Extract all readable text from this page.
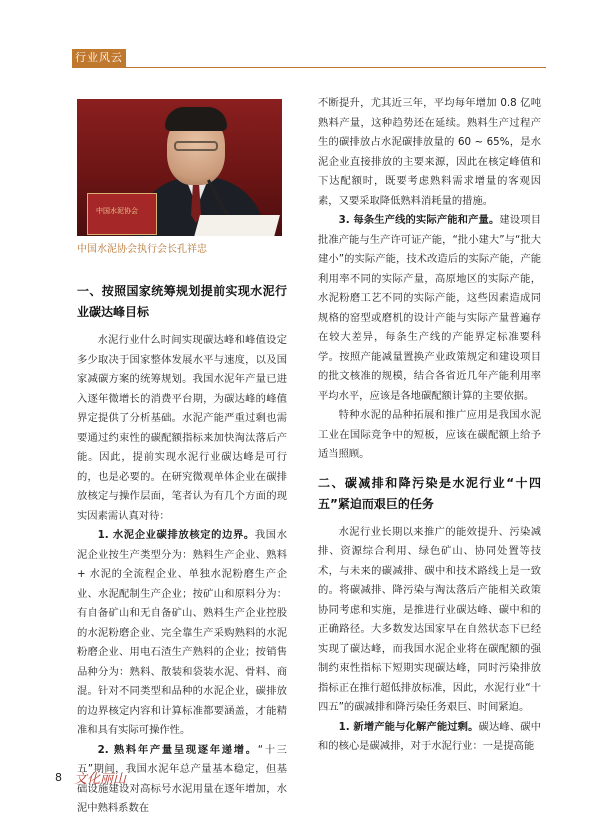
行业风云
中国水泥协会
中国水泥协会执行会长孔祥忠
一、按照国家统筹规划提前实现水泥行业碳达峰目标

水泥行业什么时间实现碳达峰和峰值设定多少取决于国家整体发展水平与速度，以及国家减碳方案的统筹规划。我国水泥年产量已进入逐年微增长的消费平台期，为碳达峰的峰值界定提供了分析基础。水泥产能严重过剩也需要通过约束性的碳配额指标来加快淘汰落后产能。因此，提前实现水泥行业碳达峰是可行的，也是必要的。在研究微观单体企业在碳排放核定与操作层面，笔者认为有几个方面的现实因素需认真对待：

1. 水泥企业碳排放核定的边界。我国水泥企业按生产类型分为：熟料生产企业、熟料 + 水泥的全流程企业、单独水泥粉磨生产企业、水泥配制生产企业；按矿山和原料分为：有自备矿山和无自备矿山、熟料生产企业控股的水泥粉磨企业、完全靠生产采购熟料的水泥粉磨企业、用电石渣生产熟料的企业；按销售品种分为：熟料、散装和袋装水泥、骨料、商混。针对不同类型和品种的水泥企业，碳排放的边界核定内容和计算标准都要涵盖，才能精准和具有实际可操作性。

2. 熟料年产量呈现逐年递增。“十三五”期间，我国水泥年总产量基本稳定，但基础设施建设对高标号水泥用量在逐年增加，水泥中熟料系数在

不断提升，尤其近三年，平均每年增加 0.8 亿吨熟料产量，这种趋势还在延续。熟料生产过程产生的碳排放占水泥碳排放量的 60 ~ 65%，是水泥企业直接排放的主要来源，因此在核定峰值和下达配额时，既要考虑熟料需求增量的客观因素，又要采取降低熟料消耗量的措施。

3. 每条生产线的实际产能和产量。建设项目批准产能与生产许可证产能，“批小建大”与“批大建小”的实际产能，技术改造后的实际产能，产能利用率不同的实际产量，高原地区的实际产能，水泥粉磨工艺不同的实际产能，这些因素造成同规格的窑型或磨机的设计产能与实际产量普遍存在较大差异，每条生产线的产能界定标准要科学。按照产能减量置换产业政策规定和建设项目的批文核准的规模，结合各省近几年产能利用率平均水平，应该是各地碳配额计算的主要依据。

特种水泥的品种拓展和推广应用是我国水泥工业在国际竞争中的短板，应该在碳配额上给予适当照顾。

二、碳减排和降污染是水泥行业“十四五”紧迫而艰巨的任务

水泥行业长期以来推广的能效提升、污染减排、资源综合利用、绿色矿山、协同处置等技术，与未来的碳减排、碳中和技术路线上是一致的。将碳减排、降污染与淘汰落后产能相关政策协同考虑和实施，是推进行业碳达峰、碳中和的正确路径。大多数发达国家早在自然状态下已经实现了碳达峰，而我国水泥企业将在碳配额的强制约束性指标下短期实现碳达峰，同时污染排放指标正在推行超低排放标准，因此，水泥行业“十四五”的碳减排和降污染任务艰巨、时间紧迫。

1. 新增产能与化解产能过剩。碳达峰、碳中和的核心是碳减排，对于水泥行业：一是提高能

8 文化丽山
